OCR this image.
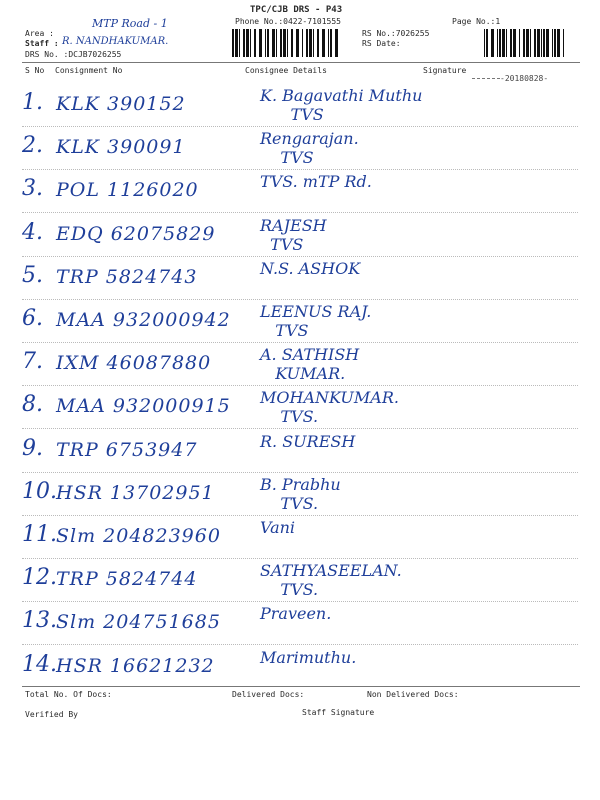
TPC/CJB DRS - P43
Phone No.:0422-7101555	Page No.:1
Area :
MTP Road - 1
Staff : R. NANDHAKUMAR.
DRS No. :DCJB7026255
RS No.:7026255
RS Date:
S No Consignment No	Consignee Details	Signature
-20180828-
1. KLK 390152	K. Bagavathi Muthu
TVS
2. KLK 390091	Rengarajan.
TVS
3. POL 1126020	TVS. mTP Rd.
4. EDQ 62075829	RAJESH
TVS
5. TRP 5824743	N.S. ASHOK
6. MAA 932000942 LEENUS RAJ.
TVS
7. IXM 46087880	A. SATHISH
KUMAR.
8. MAA 932000915 MOHANKUMAR.
TVS.
9. TRP 6753947	R. SURESH
10. HSR 13702951	B. Prabhu
TVS.
11. Slm 204823960 Vani
12. TRP 5824744	SATHYASEELAN.
TVS.
13. Slm 204751685 Praveen.
14. HSR 16621232	Marimuthu.
Total No. Of Docs:	Delivered Docs:	Non Delivered Docs:
Verified By	Staff Signature
